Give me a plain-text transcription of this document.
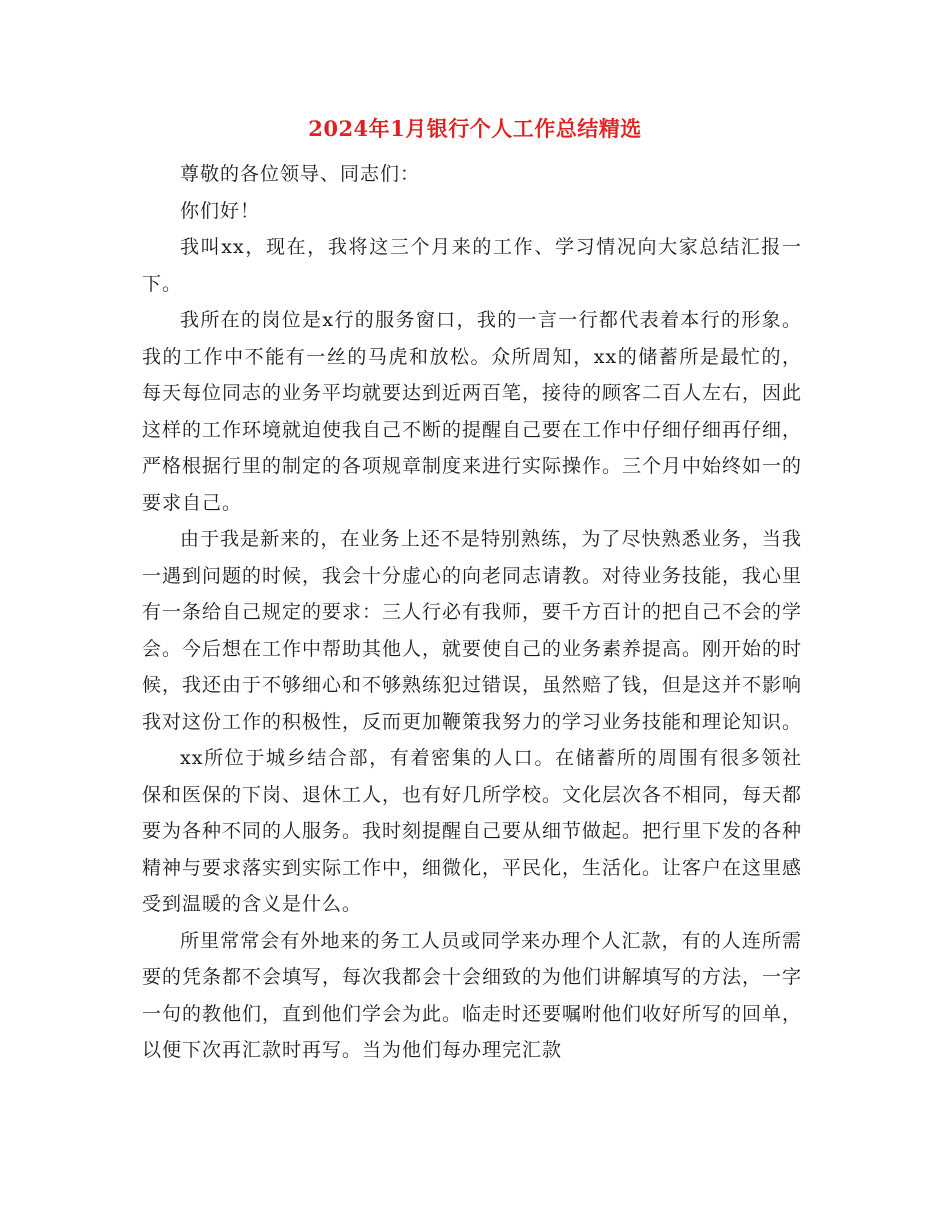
2024年1月银行个人工作总结精选

尊敬的各位领导、同志们：

你们好！

我叫xx，现在，我将这三个月来的工作、学习情况向大家总结汇报一下。

我所在的岗位是x行的服务窗口，我的一言一行都代表着本行的形象。我的工作中不能有一丝的马虎和放松。众所周知，xx的储蓄所是最忙的，每天每位同志的业务平均就要达到近两百笔，接待的顾客二百人左右，因此这样的工作环境就迫使我自己不断的提醒自己要在工作中仔细仔细再仔细，严格根据行里的制定的各项规章制度来进行实际操作。三个月中始终如一的要求自己。

由于我是新来的，在业务上还不是特别熟练，为了尽快熟悉业务，当我一遇到问题的时候，我会十分虚心的向老同志请教。对待业务技能，我心里有一条给自己规定的要求：三人行必有我师，要千方百计的把自己不会的学会。今后想在工作中帮助其他人，就要使自己的业务素养提高。刚开始的时候，我还由于不够细心和不够熟练犯过错误，虽然赔了钱，但是这并不影响我对这份工作的积极性，反而更加鞭策我努力的学习业务技能和理论知识。

xx所位于城乡结合部，有着密集的人口。在储蓄所的周围有很多领社保和医保的下岗、退休工人，也有好几所学校。文化层次各不相同，每天都要为各种不同的人服务。我时刻提醒自己要从细节做起。把行里下发的各种精神与要求落实到实际工作中，细微化，平民化，生活化。让客户在这里感受到温暖的含义是什么。

所里常常会有外地来的务工人员或同学来办理个人汇款，有的人连所需要的凭条都不会填写，每次我都会十会细致的为他们讲解填写的方法，一字一句的教他们，直到他们学会为此。临走时还要嘱咐他们收好所写的回单，以便下次再汇款时再写。当为他们每办理完汇款
